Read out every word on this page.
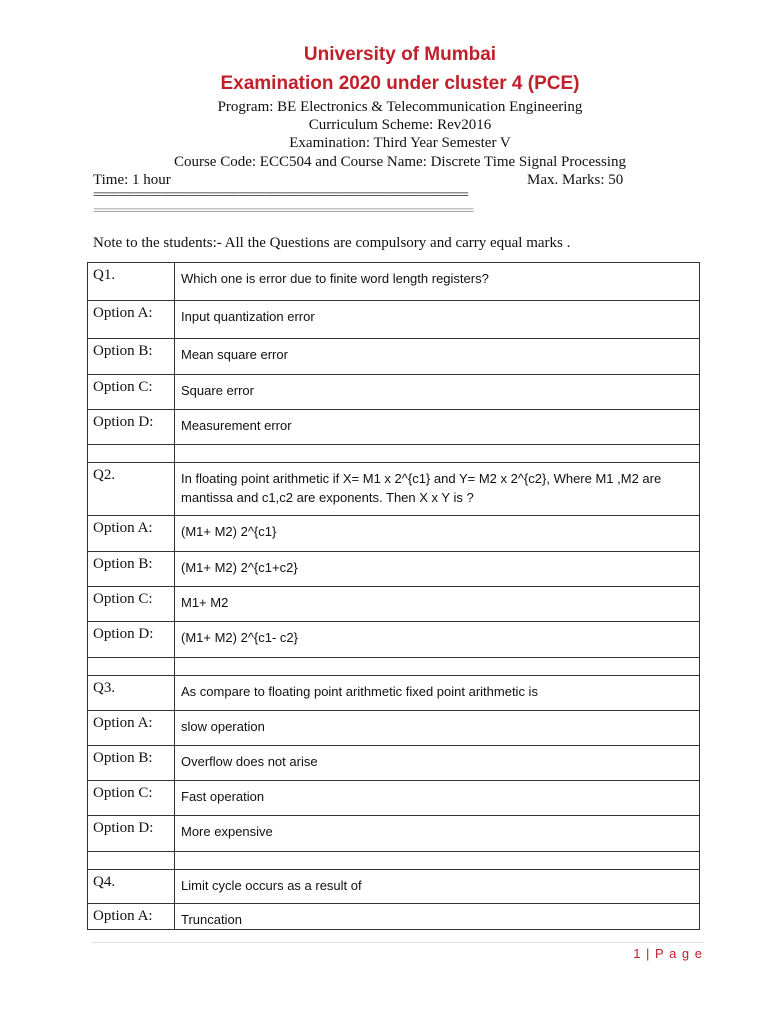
University of Mumbai
Examination 2020 under cluster 4 (PCE)
Program: BE Electronics & Telecommunication Engineering
Curriculum Scheme: Rev2016
Examination: Third Year Semester V
Course Code: ECC504 and Course Name: Discrete Time Signal Processing
Time: 1 hour	Max. Marks: 50
========================================================================
=========================================================================
Note to the students:- All the Questions are compulsory and carry equal marks .
Q1.	Which one is error due to finite word length registers?
Option A:	Input quantization error
Option B:	Mean square error
Option C:	Square error
Option D:	Measurement error

Q2.	In floating point arithmetic if X= M1 x 2^{c1} and Y= M2 x 2^{c2}, Where M1 ,M2 are mantissa and c1,c2 are exponents. Then X x Y is ?
Option A:	(M1+ M2) 2^{c1}
Option B:	(M1+ M2) 2^{c1+c2}
Option C:	M1+ M2
Option D:	(M1+ M2) 2^{c1- c2}

Q3.	As compare to floating point arithmetic fixed point arithmetic is
Option A:	slow operation
Option B:	Overflow does not arise
Option C:	Fast operation
Option D:	More expensive

Q4.	Limit cycle occurs as a result of
Option A:	Truncation
1 | P a g e
